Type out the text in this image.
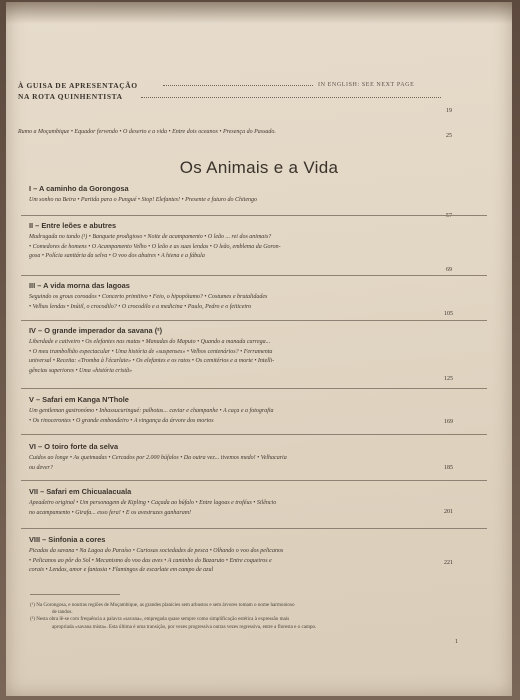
À GUISA DE APRESENTAÇÃO
NA ROTA QUINHENTISTA
IN ENGLISH: SEE NEXT PAGE
19
Rumo a Moçambique • Equador fervendo • O deserto e a vida • Entre dois oceanos • Presença do Passado.
25
Os Animais e a Vida
I – A caminho da Gorongosa
Um sonho na Beira • Partida para o Pungué • Stop! Elefantes! • Presente e futuro do Chitengo
57
II – Entre leões e abutres
Madrugada no tando (¹) • Banquete prodigioso • Noite de acampamento • O leão ... rei dos animais?
• Comedores de homens • O Acampamento Velho • O leão e as suas lendas • O leão, emblema da Goron-
gosa • Polícia sanitária da selva • O voo dos abutres • A hiena e a fábula
69
III – A vida morna das lagoas
Seguindo os grous coroados • Concerto primitivo • Feio, o hipopótamo? • Costumes e brutalidades
• Velhas lendas • Inútil, o crocodilo? • O crocodilo e a medicina • Paulo, Pedro e o feiticeiro
105
IV – O grande imperador da savana (²)
Liberdade e cativeiro • Os elefantes nas matas • Manadas do Maputo • Quando a manada carrega...
• O meu trambolhão espectacular • Uma história de «suspenses» • Velhos centenários? • Ferramenta
universal • Receita: «Tromba à l'écarlate» • Os elefantes e os ratos • Os cemitérios e a morte • Intelli-
gências superiores • Uma «história cristã»
125
V – Safari em Kanga N'Thole
Um gentleman gastronómo • Inhassucuringué: palhotas... caviar e champanhe • A caça e a fotografia
• Os rinocerontes • O grande embondeiro • A vingança da árvore dos mortos	169
VI – O toiro forte da selva
Cuidos ao longe • As queimadas • Cercados por 2.000 búfalos • Da outra vez... tivemos medo! • Velhacaria
ou dever?	185
VII – Safari em Chicualacuala
Apeadeiro original • Um personagem de Kipling • Caçada ao búfalo • Entre lagoas e troféus • Silêncio
no acampamento • Girafa... esso fera! • E os avestruzes ganharam!	201
VIII – Sinfonia a cores
Picadas da savana • Na Lagoa do Paraíso • Curiosas sociedades de pesca • Olhando o voo dos pelicanos
• Pelicanos ao pôr do Sol • Mecanismo do voo das aves • A caminho do Bazaruto • Entre coqueiros e
corais • Lendas, amor e fantasia • Flamingos de escarlate em campo de azul
221
(¹) Na Gorongosa, e noutras regiões de Moçambique, as grandes planícies sem arbustos e sem árvores tomam o nome harmonioso
de tandos.
(²) Nesta obra lê-se com frequência a palavra «savana», empregada quase sempre como simplificação estética à expressão mais
apropriada «savana mista». Esta última é uma transição, por vezes progressiva outras vezes regressiva, entre a floresta e o campo.
1
